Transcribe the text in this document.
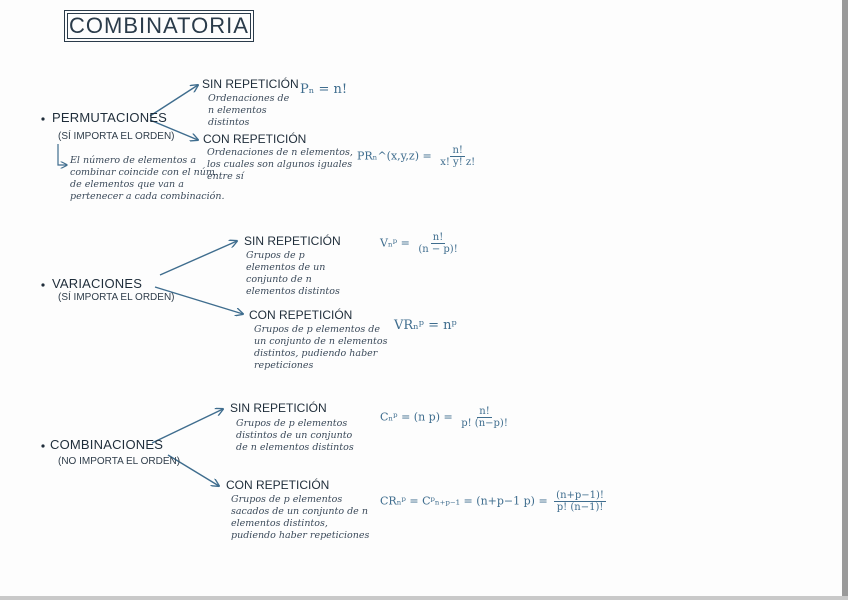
COMBINATORIA
PERMUTACIONES
(SÍ IMPORTA EL ORDEN)
El número de elementos a combinar coincide con el núm. de elementos que van a pertenecer a cada combinación.
SIN REPETICIÓN
Ordenaciones de n elementos distintos
Pₙ = n!
CON REPETICIÓN
Ordenaciones de n elementos, los cuales son algunos iguales entre sí
PRₙ^(x,y,z) = $\frac{n!}{x! y! z!}$
VARIACIONES
(SÍ IMPORTA EL ORDEN)
SIN REPETICIÓN
Grupos de p elementos de un conjunto de n elementos distintos
Vₙᵖ = $\frac{n!}{(n - p)!}$
CON REPETICIÓN
Grupos de p elementos de un conjunto de n elementos distintos, pudiendo haber repeticiones
VRₙᵖ = nᵖ
COMBINACIONES
(NO IMPORTA EL ORDEN)
SIN REPETICIÓN
Grupos de p elementos distintos de un conjunto de n elementos distintos
Cₙᵖ = (n $p) = \frac{n!}{p! (n-p)!}$
CON REPETICIÓN
Grupos de p elementos sacados de un conjunto de n elementos distintos, pudiendo haber repeticiones
CRₙᵖ = Cᵖₙ₊ₚ₋₁ = (n+p−1 $p) = \frac{(n+p-1)!}{p! (n-1)!}$
